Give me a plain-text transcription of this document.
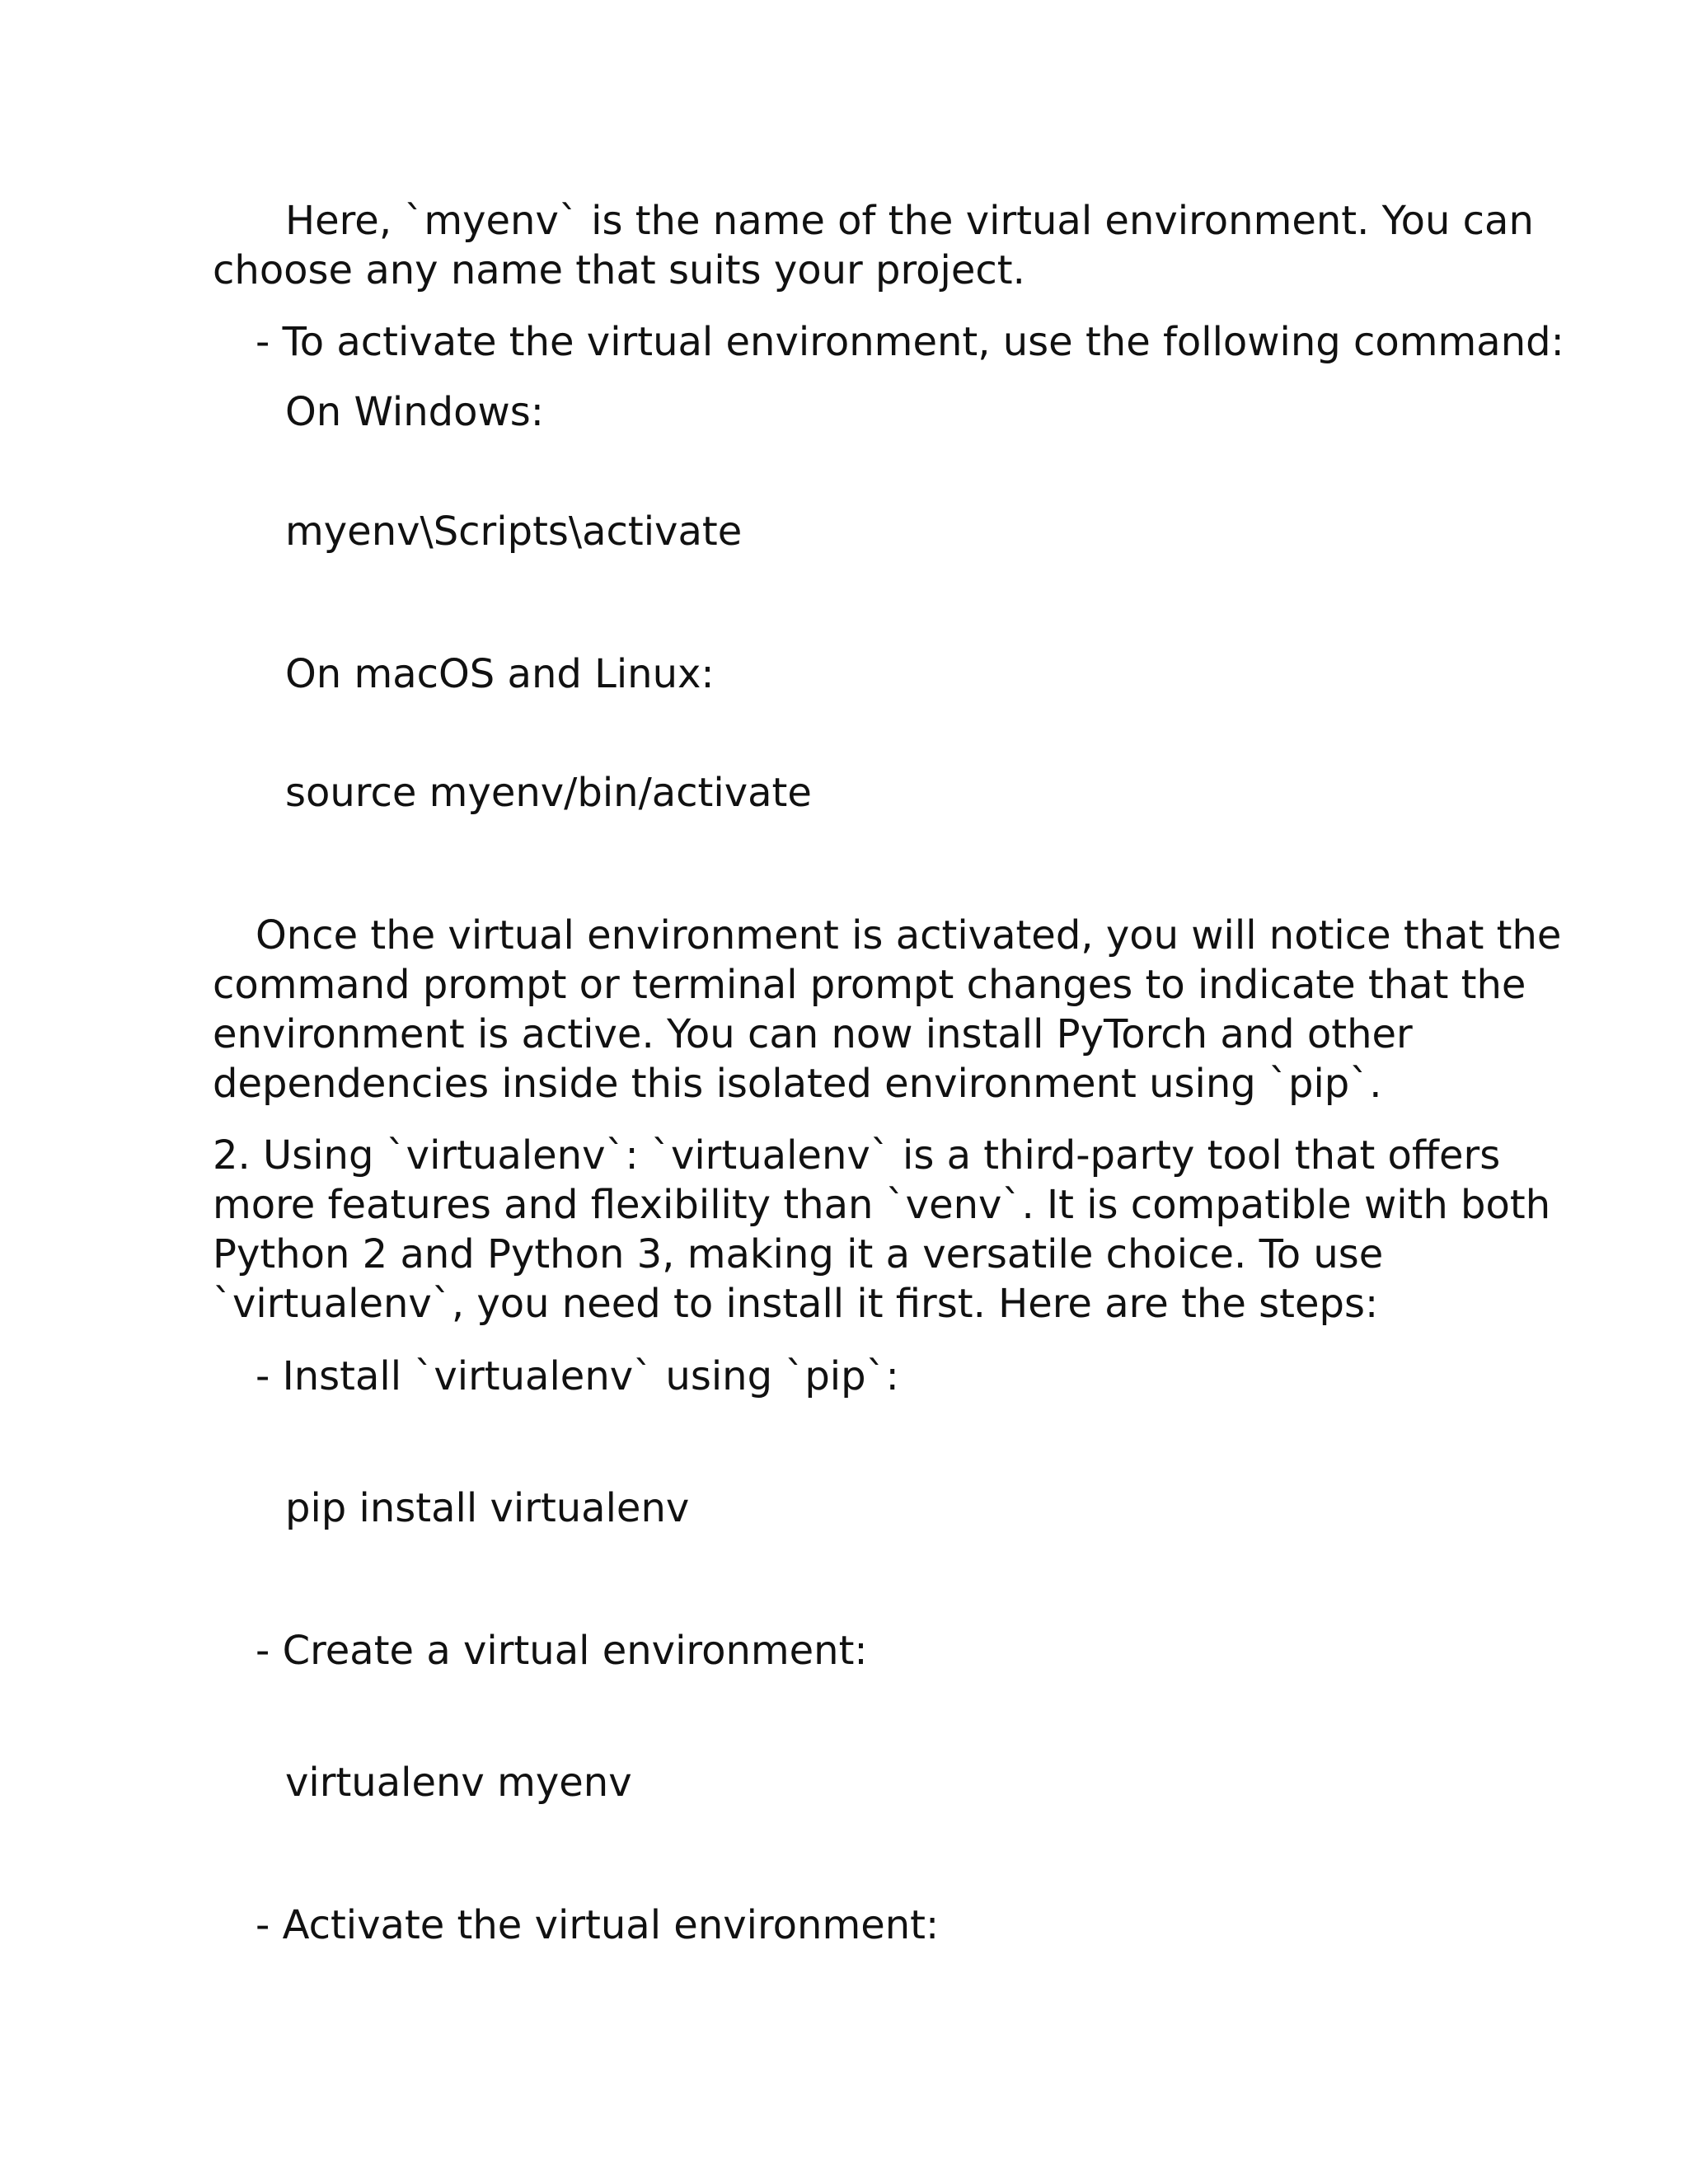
Here, `myenv` is the name of the virtual environment. You can

choose any name that suits your project.

- To activate the virtual environment, use the following command:

On Windows:

myenv\Scripts\activate

On macOS and Linux:

source myenv/bin/activate

Once the virtual environment is activated, you will notice that the

command prompt or terminal prompt changes to indicate that the

environment is active. You can now install PyTorch and other

dependencies inside this isolated environment using `pip`.

2. Using `virtualenv`: `virtualenv` is a third-party tool that offers

more features and flexibility than `venv`. It is compatible with both

Python 2 and Python 3, making it a versatile choice. To use

`virtualenv`, you need to install it first. Here are the steps:

- Install `virtualenv` using `pip`:

pip install virtualenv

- Create a virtual environment:

virtualenv myenv

- Activate the virtual environment:
